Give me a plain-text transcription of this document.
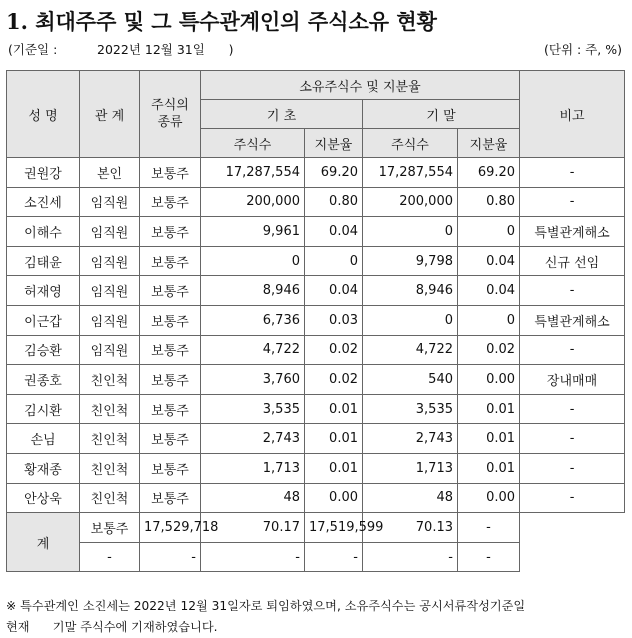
1. 최대주주 및 그 특수관계인의 주식소유 현황
(기준일 :          2022년 12월 31일      )	(단위 : 주, %)
성 명	관 계	주식의
종류	소유주식수 및 지분율				비고
			기 초		기 말		
			주식수	지분율	주식수	지분율	
권원강	본인	보통주	17,287,554	69.20	17,287,554	69.20	-
소진세	임직원	보통주	200,000	0.80	200,000	0.80	-
이해수	임직원	보통주	9,961	0.04	0	0	특별관계해소
김태윤	임직원	보통주	0	0	9,798	0.04	신규 선임
허재영	임직원	보통주	8,946	0.04	8,946	0.04	-
이근갑	임직원	보통주	6,736	0.03	0	0	특별관계해소
김승환	임직원	보통주	4,722	0.02	4,722	0.02	-
권종호	친인척	보통주	3,760	0.02	540	0.00	장내매매
김시환	친인척	보통주	3,535	0.01	3,535	0.01	-
손님	친인척	보통주	2,743	0.01	2,743	0.01	-
황재종	친인척	보통주	1,713	0.01	1,713	0.01	-
안상욱	친인척	보통주	48	0.00	48	0.00	-
계	보통주	17,529,718	70.17	17,519,599	70.13	-	
	-	-	-	-	-	-	
※ 특수관계인 소진세는 2022년 12월 31일자로 퇴임하였으며, 소유주식수는 공시서류작성기준일
현재      기말 주식수에 기재하였습니다.
